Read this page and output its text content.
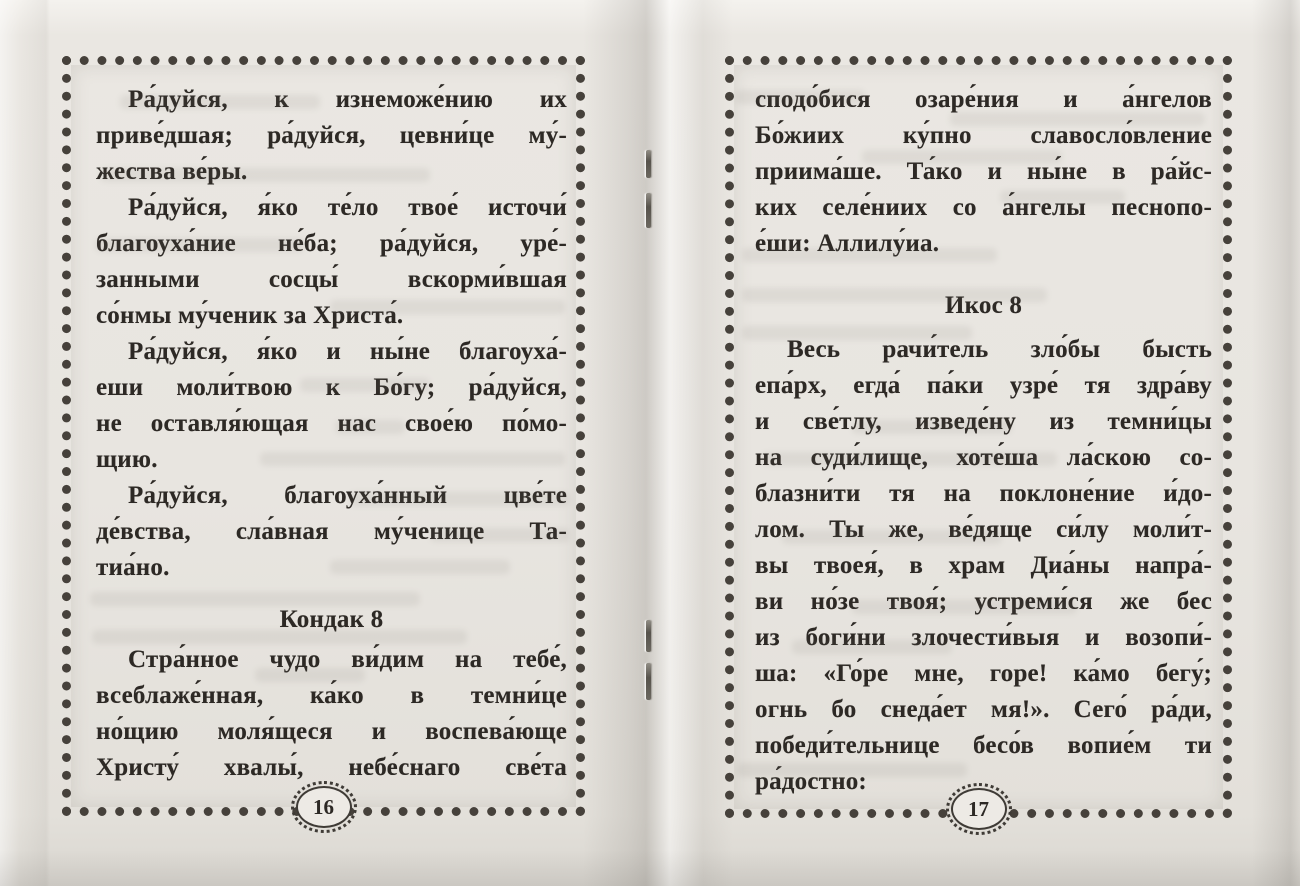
Ра́дуйся, к изнеможе́нию их
приве́дшая; ра́дуйся, цевни́це му́-
жества ве́ры.
Ра́дуйся, я́ко те́ло твое́ источи́
благоуха́ние не́ба; ра́дуйся, уре́-
занными сосцы́ вскорми́вшая
со́нмы му́ченик за Христа́.
Ра́дуйся, я́ко и ны́не благоуха́-
еши моли́твою к Бо́гу; ра́дуйся,
не оставля́ющая нас свое́ю по́мо-
щию.
Ра́дуйся, благоуха́нный цве́те
де́вства, сла́вная му́ченице Та-
тиа́но.
Кондак 8
Стра́нное чудо ви́дим на тебе́,
всеблаже́нная, ка́ко в темни́це
но́щию моля́щеся и воспева́юще
Христу́ хвалы́, небе́снаго све́та
16
сподо́бися озаре́ния и а́нгелов
Бо́жиих ку́пно славосло́вление
приима́ше. Та́ко и ны́не в ра́йс-
ких селе́ниих со а́нгелы песнопо-
е́ши: Аллилу́иа.
Икос 8
Весь рачи́тель зло́бы бысть
епа́рх, егда́ па́ки узре́ тя здра́ву
и све́тлу, изведе́ну из темни́цы
на суди́лище, хоте́ша ла́скою со-
блазни́ти тя на поклоне́ние и́до-
лом. Ты же, ве́дяще си́лу моли́т-
вы твоея́, в храм Диа́ны напра́-
ви но́зе твоя́; устреми́ся же бес
из боги́ни злочести́выя и возопи́-
ша: «Го́ре мне, горе! ка́мо бегу́;
огнь бо снеда́ет мя!». Сего́ ра́ди,
победи́тельнице бесо́в вопие́м ти
ра́достно:
17
